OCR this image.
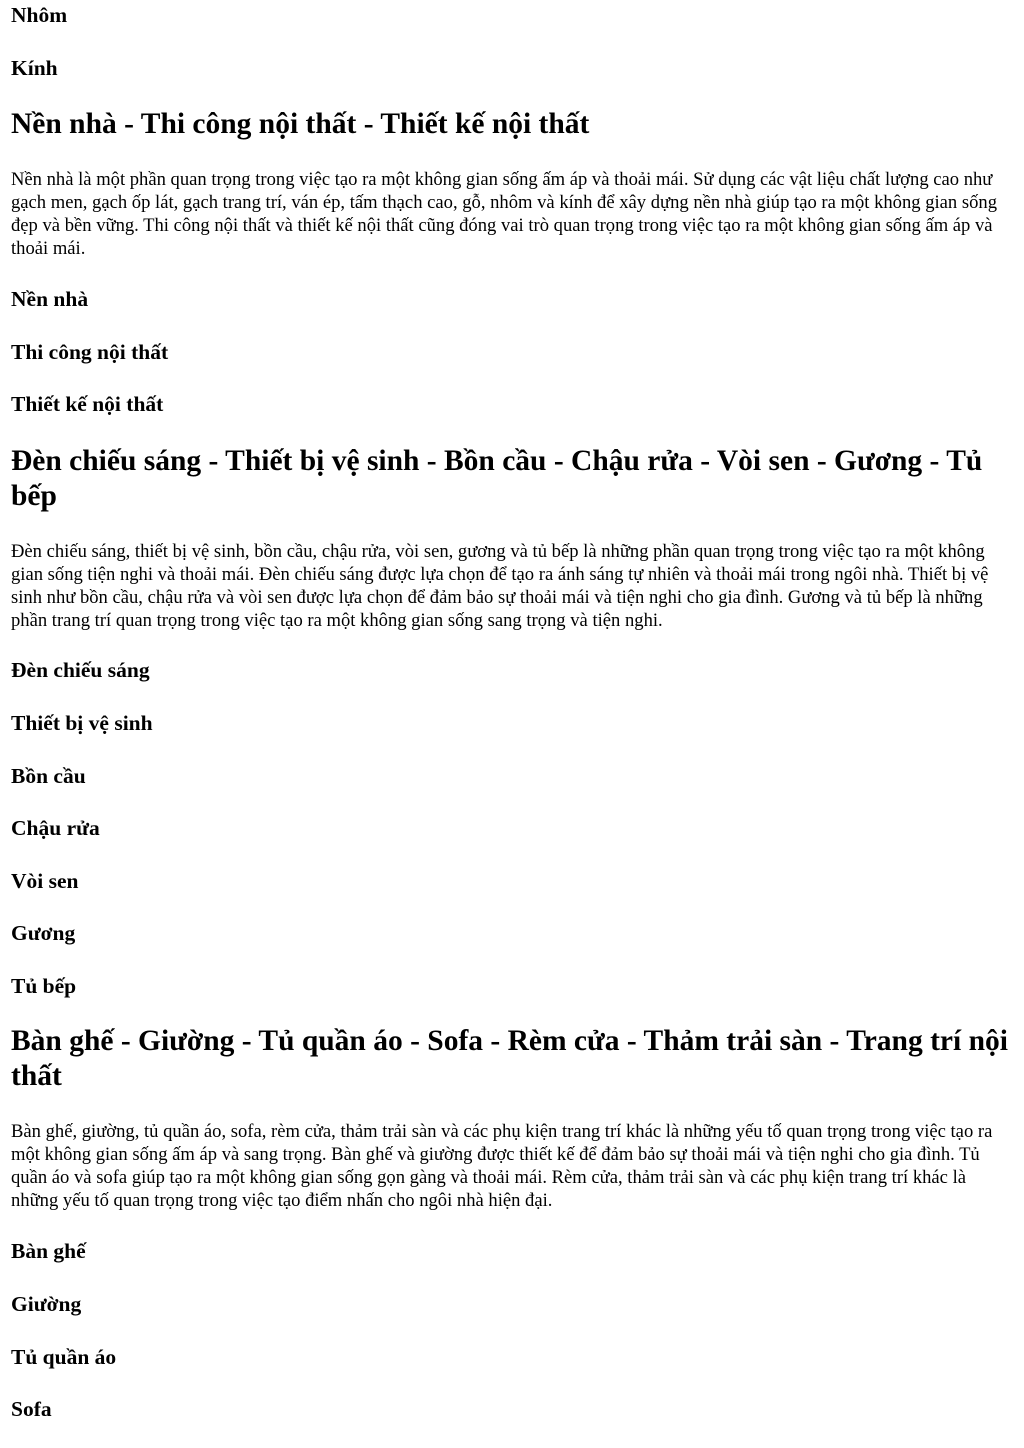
Nhôm
Kính
Nền nhà - Thi công nội thất - Thiết kế nội thất

Nền nhà là một phần quan trọng trong việc tạo ra một không gian sống ấm áp và thoải mái. Sử dụng các vật liệu chất lượng cao như gạch men, gạch ốp lát, gạch trang trí, ván ép, tấm thạch cao, gỗ, nhôm và kính để xây dựng nền nhà giúp tạo ra một không gian sống đẹp và bền vững. Thi công nội thất và thiết kế nội thất cũng đóng vai trò quan trọng trong việc tạo ra một không gian sống ấm áp và thoải mái.

Nền nhà
Thi công nội thất
Thiết kế nội thất
Đèn chiếu sáng - Thiết bị vệ sinh - Bồn cầu - Chậu rửa - Vòi sen - Gương - Tủ bếp

Đèn chiếu sáng, thiết bị vệ sinh, bồn cầu, chậu rửa, vòi sen, gương và tủ bếp là những phần quan trọng trong việc tạo ra một không gian sống tiện nghi và thoải mái. Đèn chiếu sáng được lựa chọn để tạo ra ánh sáng tự nhiên và thoải mái trong ngôi nhà. Thiết bị vệ sinh như bồn cầu, chậu rửa và vòi sen được lựa chọn để đảm bảo sự thoải mái và tiện nghi cho gia đình. Gương và tủ bếp là những phần trang trí quan trọng trong việc tạo ra một không gian sống sang trọng và tiện nghi.

Đèn chiếu sáng
Thiết bị vệ sinh
Bồn cầu
Chậu rửa
Vòi sen
Gương
Tủ bếp
Bàn ghế - Giường - Tủ quần áo - Sofa - Rèm cửa - Thảm trải sàn - Trang trí nội thất

Bàn ghế, giường, tủ quần áo, sofa, rèm cửa, thảm trải sàn và các phụ kiện trang trí khác là những yếu tố quan trọng trong việc tạo ra một không gian sống ấm áp và sang trọng. Bàn ghế và giường được thiết kế để đảm bảo sự thoải mái và tiện nghi cho gia đình. Tủ quần áo và sofa giúp tạo ra một không gian sống gọn gàng và thoải mái. Rèm cửa, thảm trải sàn và các phụ kiện trang trí khác là những yếu tố quan trọng trong việc tạo điểm nhấn cho ngôi nhà hiện đại.

Bàn ghế
Giường
Tủ quần áo
Sofa
